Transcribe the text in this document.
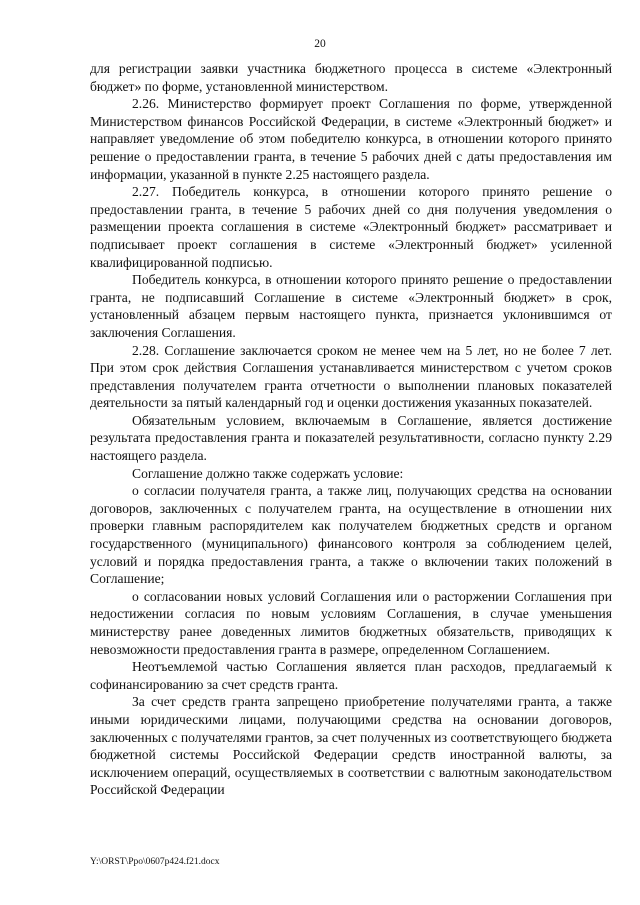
20

для регистрации заявки участника бюджетного процесса в системе «Электронный бюджет» по форме, установленной министерством.

2.26. Министерство формирует проект Соглашения по форме, утвержденной Министерством финансов Российской Федерации, в системе «Электронный бюджет» и направляет уведомление об этом победителю конкурса, в отношении которого принято решение о предоставлении гранта, в течение 5 рабочих дней с даты предоставления им информации, указанной в пункте 2.25 настоящего раздела.

2.27. Победитель конкурса, в отношении которого принято решение о предоставлении гранта, в течение 5 рабочих дней со дня получения уведомления о размещении проекта соглашения в системе «Электронный бюджет» рассматривает и подписывает проект соглашения в системе «Электронный бюджет» усиленной квалифицированной подписью.

Победитель конкурса, в отношении которого принято решение о предоставлении гранта, не подписавший Соглашение в системе «Электронный бюджет» в срок, установленный абзацем первым настоящего пункта, признается уклонившимся от заключения Соглашения.

2.28. Соглашение заключается сроком не менее чем на 5 лет, но не более 7 лет. При этом срок действия Соглашения устанавливается министерством с учетом сроков представления получателем гранта отчетности о выполнении плановых показателей деятельности за пятый календарный год и оценки достижения указанных показателей.

Обязательным условием, включаемым в Соглашение, является достижение результата предоставления гранта и показателей результативности, согласно пункту 2.29 настоящего раздела.

Соглашение должно также содержать условие:

о согласии получателя гранта, а также лиц, получающих средства на основании договоров, заключенных с получателем гранта, на осуществление в отношении них проверки главным распорядителем как получателем бюджетных средств и органом государственного (муниципального) финансового контроля за соблюдением целей, условий и порядка предоставления гранта, а также о включении таких положений в Соглашение;

о согласовании новых условий Соглашения или о расторжении Соглашения при недостижении согласия по новым условиям Соглашения, в случае уменьшения министерству ранее доведенных лимитов бюджетных обязательств, приводящих к невозможности предоставления гранта в размере, определенном Соглашением.

Неотъемлемой частью Соглашения является план расходов, предлагаемый к софинансированию за счет средств гранта.

За счет средств гранта запрещено приобретение получателями гранта, а также иными юридическими лицами, получающими средства на основании договоров, заключенных с получателями грантов, за счет полученных из соответствующего бюджета бюджетной системы Российской Федерации средств иностранной валюты, за исключением операций, осуществляемых в соответствии с валютным законодательством Российской Федерации

Y:\ORST\Ppo\0607p424.f21.docx
